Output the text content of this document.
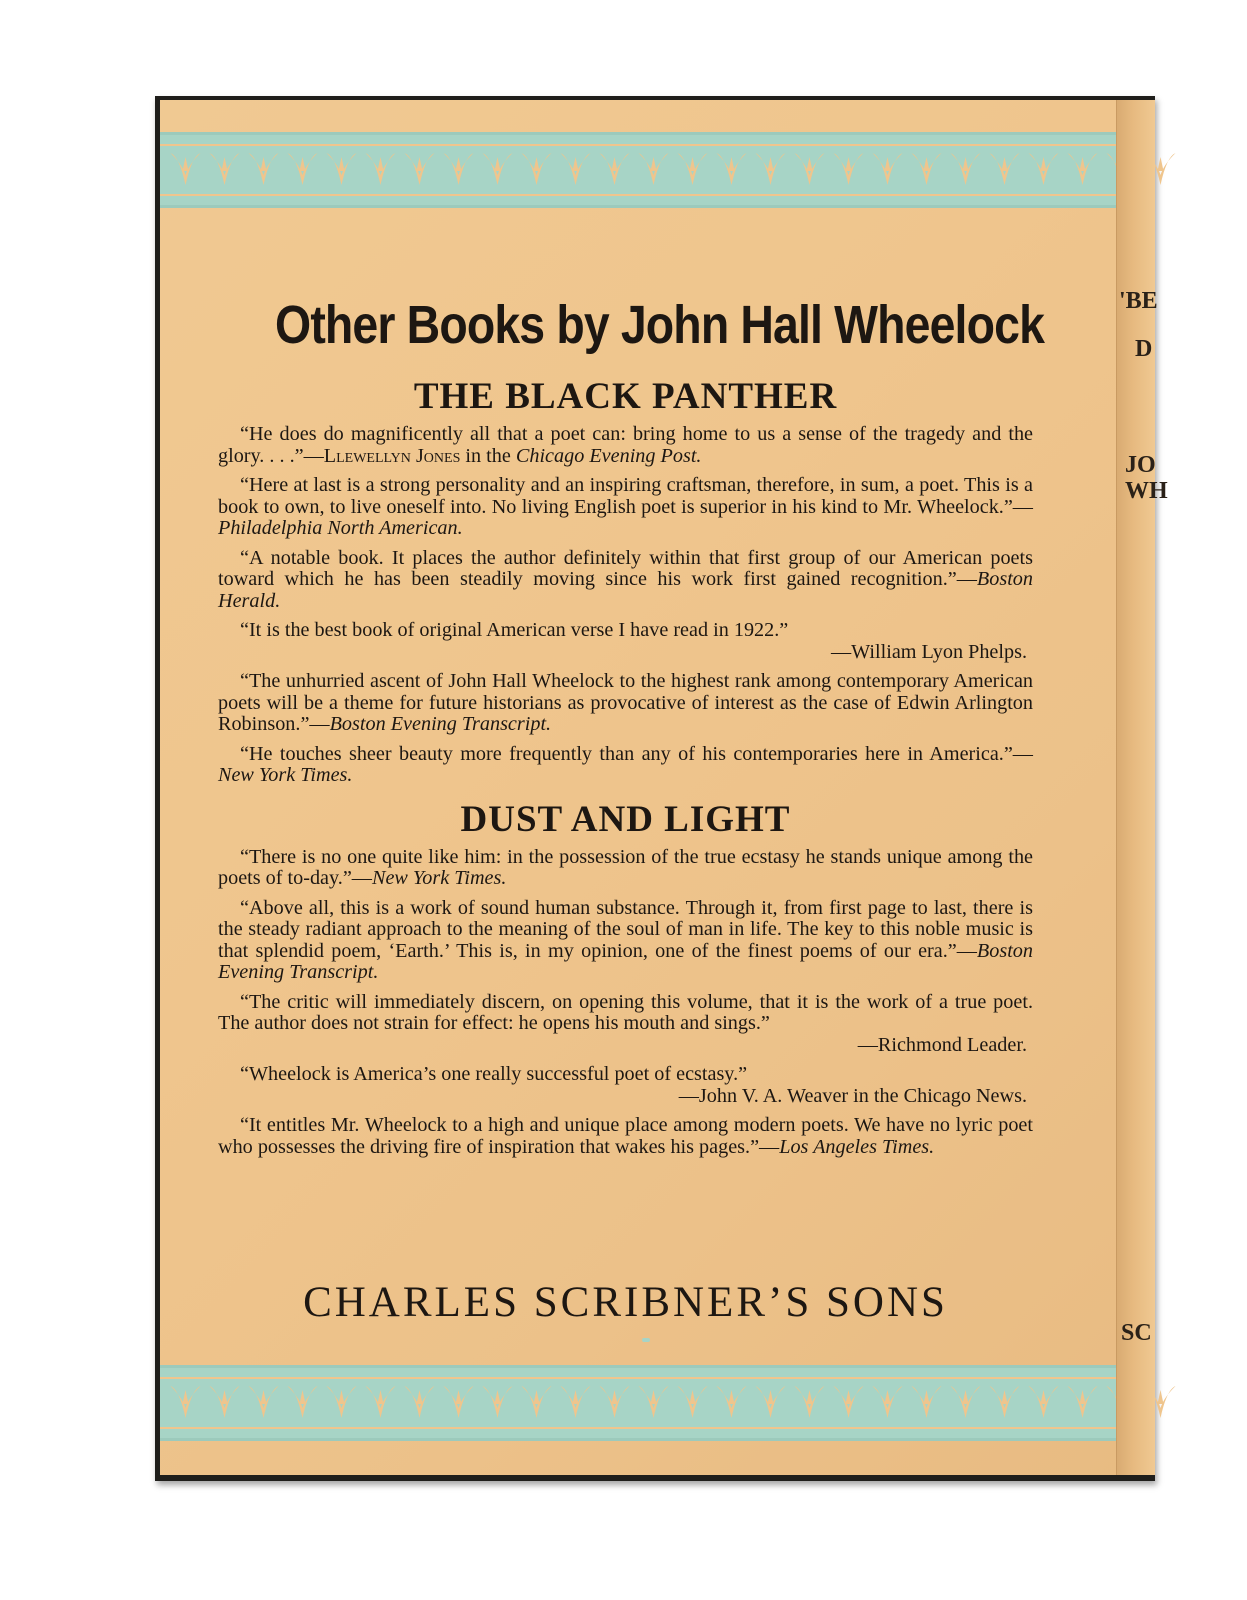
Other Books by John Hall Wheelock
THE BLACK PANTHER

“He does do magnificently all that a poet can: bring home to us a sense of the tragedy and the glory. . . .”—Llewellyn Jones in the Chicago Evening Post.

“Here at last is a strong personality and an inspiring craftsman, therefore, in sum, a poet. This is a book to own, to live oneself into. No living English poet is superior in his kind to Mr. Wheelock.”—Philadelphia North American.

“A notable book. It places the author definitely within that first group of our American poets toward which he has been steadily moving since his work first gained recognition.”—Boston Herald.

“It is the best book of original American verse I have read in 1922.”

—William Lyon Phelps.

“The unhurried ascent of John Hall Wheelock to the highest rank among contemporary American poets will be a theme for future historians as provocative of interest as the case of Edwin Arlington Robinson.”—Boston Evening Transcript.

“He touches sheer beauty more frequently than any of his contemporaries here in America.”—New York Times.

DUST AND LIGHT

“There is no one quite like him: in the possession of the true ecstasy he stands unique among the poets of to-day.”—New York Times.

“Above all, this is a work of sound human substance. Through it, from first page to last, there is the steady radiant approach to the meaning of the soul of man in life. The key to this noble music is that splendid poem, ‘Earth.’ This is, in my opinion, one of the finest poems of our era.”—Boston Evening Transcript.

“The critic will immediately discern, on opening this volume, that it is the work of a true poet. The author does not strain for effect: he opens his mouth and sings.”

—Richmond Leader.

“Wheelock is America’s one really successful poet of ecstasy.”

—John V. A. Weaver in the Chicago News.

“It entitles Mr. Wheelock to a high and unique place among modern poets. We have no lyric poet who possesses the driving fire of inspiration that wakes his pages.”—Los Angeles Times.

CHARLES SCRIBNER’S SONS

'BE
D
JO
WH
SC
